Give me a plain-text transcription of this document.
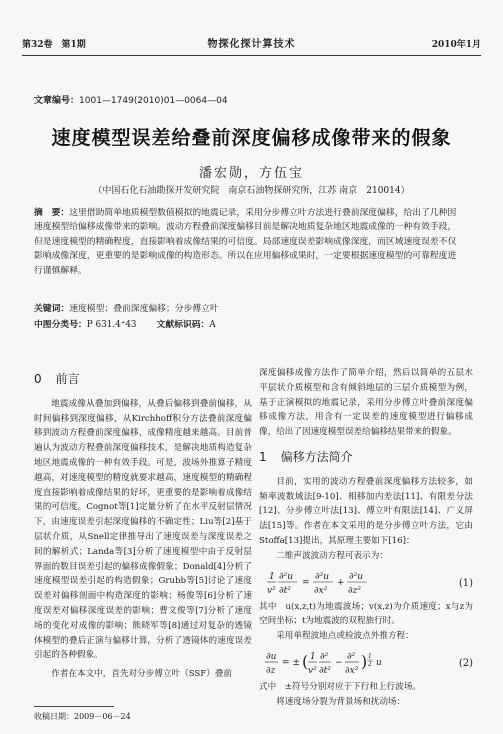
第32卷　第1期	物探化探计算技术	2010年1月
文章编号：1001—1749(2010)01—0064—04
速度模型误差给叠前深度偏移成像带来的假象
潘宏勋，方伍宝
（中国石化石油勘探开发研究院　南京石油物探研究所，江苏 南京　210014）
摘　要：这里借助简单地质模型数值模拟的地震记录，采用分步傅立叶方法进行叠前深度偏移，给出了几种因速度模型给偏移成像带来的影响。波动方程叠前深度偏移目前是解决地质复杂地区地震成像的一种有效手段，但是速度模型的精确程度，直接影响着成像结果的可信度。局部速度误差影响成像深度，而区域速度误差不仅影响成像深度，更重要的是影响成像的构造形态。所以在应用偏移成果时，一定要根据速度模型的可靠程度进行谨慎解释。
关键词：速度模型；叠前深度偏移；分步傅立叶
中图分类号：P 631.4⁺43 文献标识码：A
0 前言

地震成像从叠加到偏移，从叠后偏移到叠前偏移，从时间偏移到深度偏移，从Kirchhoff积分方法叠前深度偏移到波动方程叠前深度偏移，成像精度越来越高。目前普遍认为波动方程叠前深度偏移技术，是解决地质构造复杂地区地震成像的一种有效手段。可是，波场外推算子精度越高，对速度模型的精度就要求越高，速度模型的精确程度直接影响着成像结果的好坏，更重要的是影响着成像结果的可信度。Cognot等[1]定量分析了在水平反射层情况下，由速度误差引起深度偏移的不确定性；Liu等[2]基于层状介质，从Snell定律推导出了速度误差与深度误差之间的解析式；Landa等[3]分析了速度模型中由于反射层界面的数目误差引起的偏移成像假象；Donald[4]分析了速度模型误差引起的构造假象；Grubb等[5]讨论了速度误差对偏移剖面中构造深度的影响；杨俊等[6]分析了速度误差对偏移深度误差的影响；曹文俊等[7]分析了速度场的变化对成像的影响；熊晓军等[8]通过对复杂的透镜体模型的叠后正演与偏移计算，分析了透镜体的速度误差引起的各种假象。

作者在本文中，首先对分步傅立叶（SSF）叠前

深度偏移成像方法作了简单介绍，然后以简单的五层水平层状介质模型和含有倾斜地层的三层介质模型为例，基于正演模拟的地震记录，采用分步傅立叶叠前深度偏移成像方法，用含有一定误差的速度模型进行偏移成像，给出了因速度模型误差给偏移结果带来的假象。

1 偏移方法简介

目前，实用的波动方程叠前深度偏移方法较多，如频率波数域法[9-10]、相移加内差法[11]、有限差分法[12]、分步傅立叶法[13]、傅立叶有限法[14]、广义屏法[15]等。作者在本文采用的是分步傅立叶方法，它由Stoffa[13]提出，其原理主要如下[16]：

二维声波波动方程可表示为：

1
v²
∂²u
∂t²
=
∂²u
∂x²
+
∂²u
∂z²
(1)

其中　u(x,z,t)为地震波场；v(x,z)为介质速度；x与z为空间坐标；t为地震波的双程旅行时。

采用单程波地点或检波点外推方程：

∂u
∂z
= ± ( 1
v²
∂²
∂t²
−
∂²
∂x² ) 1
2 u	(2)

式中　±符号分别对应于下行和上行波场。

将速度场分裂为背景场和扰动场：

收稿日期：2009－06－24
